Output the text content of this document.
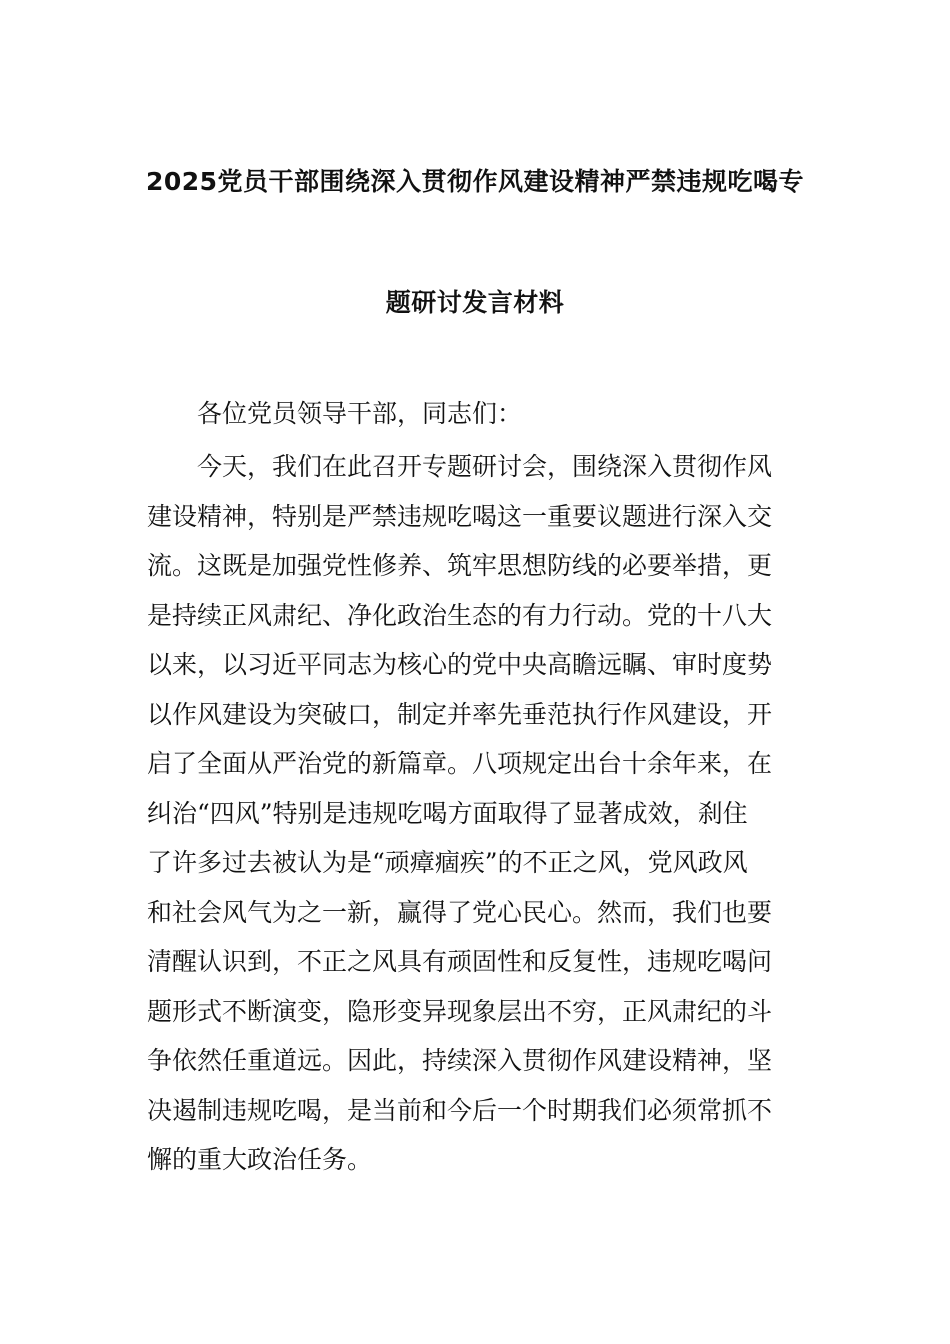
2025党员干部围绕深入贯彻作风建设精神严禁违规吃喝专
题研讨发言材料
各位党员领导干部，同志们：
　　今天，我们在此召开专题研讨会，围绕深入贯彻作风
建设精神，特别是严禁违规吃喝这一重要议题进行深入交
流。这既是加强党性修养、筑牢思想防线的必要举措，更
是持续正风肃纪、净化政治生态的有力行动。党的十八大
以来，以习近平同志为核心的党中央高瞻远瞩、审时度势
以作风建设为突破口，制定并率先垂范执行作风建设，开
启了全面从严治党的新篇章。八项规定出台十余年来，在
纠治“四风”特别是违规吃喝方面取得了显著成效，刹住
了许多过去被认为是“顽瘴痼疾”的不正之风，党风政风
和社会风气为之一新，赢得了党心民心。然而，我们也要
清醒认识到，不正之风具有顽固性和反复性，违规吃喝问
题形式不断演变，隐形变异现象层出不穷，正风肃纪的斗
争依然任重道远。因此，持续深入贯彻作风建设精神，坚
决遏制违规吃喝，是当前和今后一个时期我们必须常抓不
懈的重大政治任务。
